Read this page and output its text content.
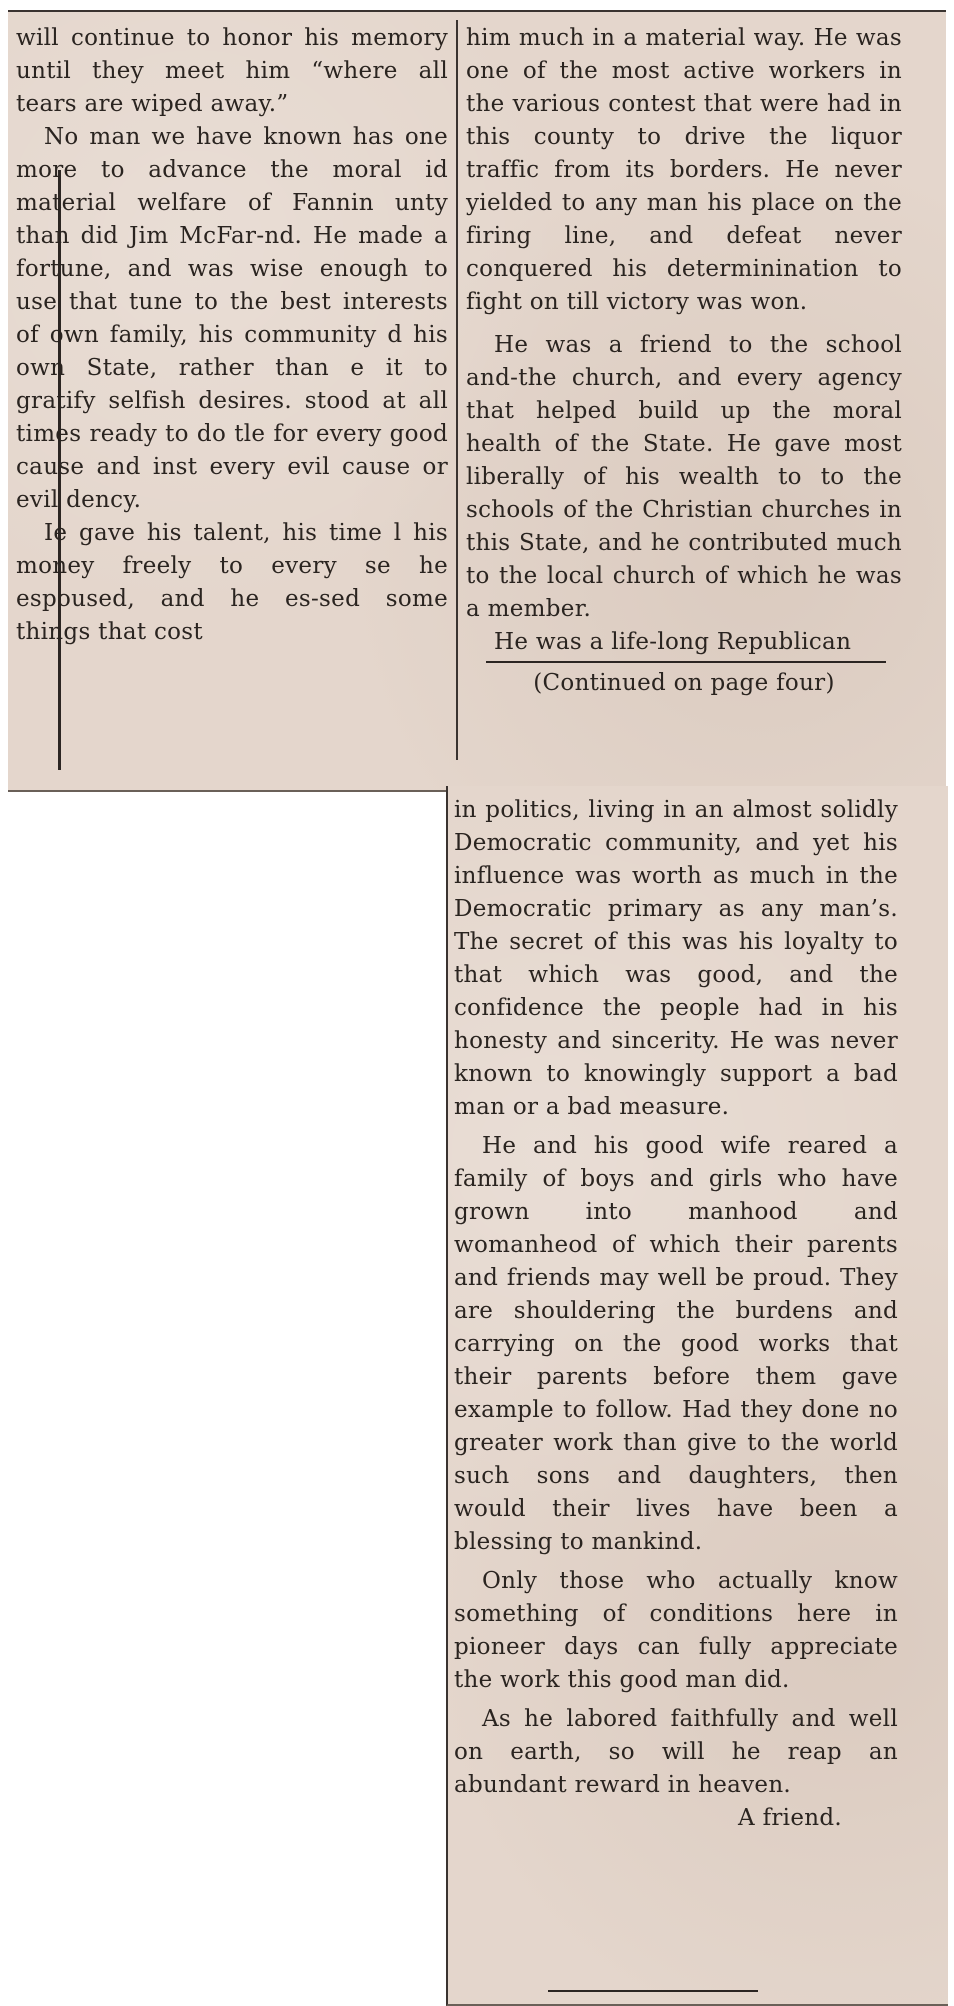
will continue to honor his memory until they meet him “where all tears are wiped away.”

No man we have known has one more to advance the moral id material welfare of Fannin unty than did Jim McFar-nd. He made a fortune, and was wise enough to use that tune to the best interests of own family, his community d his own State, rather than e it to gratify selfish desires. stood at all times ready to do tle for every good cause and inst every evil cause or evil dency.

Ie gave his talent, his time l his money freely to every se he espoused, and he es-sed some things that cost

him much in a material way. He was one of the most active workers in the various contest that were had in this county to drive the liquor traffic from its borders. He never yielded to any man his place on the firing line, and defeat never conquered his determinination to fight on till victory was won.

He was a friend to the school and-the church, and every agency that helped build up the moral health of the State. He gave most liberally of his wealth to to the schools of the Christian churches in this State, and he contributed much to the local church of which he was a member.

He was a life-long Republican

(Continued on page four)

in politics, living in an almost solidly Democratic community, and yet his influence was worth as much in the Democratic primary as any man’s. The secret of this was his loyalty to that which was good, and the confidence the people had in his honesty and sincerity. He was never known to knowingly support a bad man or a bad measure.

He and his good wife reared a family of boys and girls who have grown into manhood and womanheod of which their parents and friends may well be proud. They are shouldering the burdens and carrying on the good works that their parents before them gave example to follow. Had they done no greater work than give to the world such sons and daughters, then would their lives have been a blessing to mankind.

Only those who actually know something of conditions here in pioneer days can fully appreciate the work this good man did.

As he labored faithfully and well on earth, so will he reap an abundant reward in heaven.

A friend.
